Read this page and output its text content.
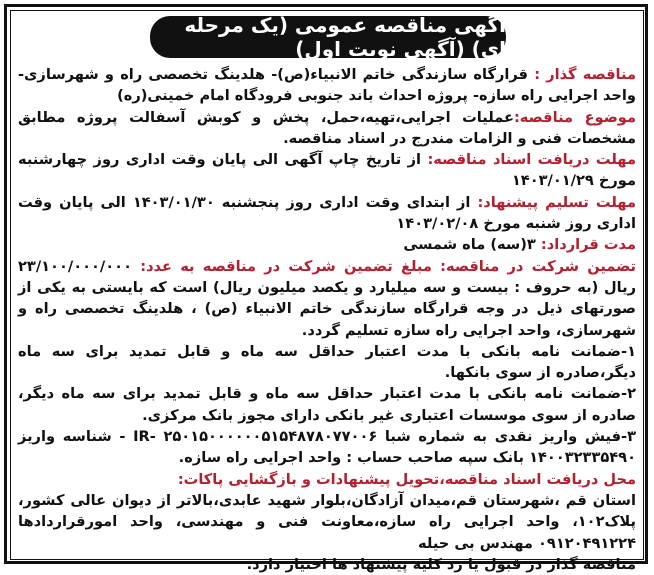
آگهی مناقصه عمومی (یک مرحله ای) (آگهی نوبت اول)

مناقصه گذار : قرارگاه سازندگی خاتم الانبیاء(ص)- هلدینگ تخصصی راه و شهرسازی-واحد اجرایی راه سازه- پروژه احداث باند جنوبی فرودگاه امام خمینی(ره)

موضوع مناقصه:عملیات اجرایی،تهیه،حمل، پخش و کوبش آسفالت پروژه مطابق مشخصات فنی و الزامات مندرج در اسناد مناقصه.

مهلت دریافت اسناد مناقصه: از تاریخ چاپ آگهی الی پایان وقت اداری روز چهارشنبه مورخ ۱۴۰۳/۰۱/۲۹

مهلت تسلیم پیشنهاد: از ابتدای وقت اداری روز پنجشنبه ۱۴۰۳/۰۱/۳۰ الی پایان وقت اداری روز شنبه مورخ ۱۴۰۳/۰۲/۰۸

مدت قرارداد: ۳(سه) ماه شمسی

تضمین شرکت در مناقصه: مبلغ تضمین شرکت در مناقصه به عدد: ۲۳/۱۰۰/۰۰۰/۰۰۰ ریال (به حروف : بیست و سه میلیارد و یکصد میلیون ریال) است که بایستی به یکی از صورتهای ذیل در وجه قرارگاه سازندگی خاتم الانبیاء (ص) ، هلدینگ تخصصی راه و شهرسازی، واحد اجرایی راه سازه تسلیم گردد.

۱-ضمانت نامه بانکی با مدت اعتبار حداقل سه ماه و قابل تمدید برای سه ماه دیگر،صادره از سوی بانکها.

۲-ضمانت نامه بانکی با مدت اعتبار حداقل سه ماه و قابل تمدید برای سه ماه دیگر، صادره از سوی موسسات اعتباری غیر بانکی دارای مجوز بانک مرکزی.

۳-فیش واریز نقدی به شماره شبا IR- ۲۵۰۱۵۰۰۰۰۰۰۵۱۵۴۸۷۸۰۷۷۰۰۶ - شناسه واریز ۱۴۰۰۳۲۳۳۵۴۹۰ بانک سپه صاحب حساب : واحد اجرایی راه سازه.

محل دریافت اسناد مناقصه،تحویل پیشنهادات و بازگشایی پاکات:

استان قم ،شهرستان قم،میدان آزادگان،بلوار شهید عابدی،بالاتر از دیوان عالی کشور، پلاک۱۰۲، واحد اجرایی راه سازه،معاونت فنی و مهندسی، واحد امورقراردادها ۰۹۱۲۰۴۹۱۲۲۴ مهندس بی حیله

مناقصه گذار در قبول یا رد کلیه پیشنهاد ها اختیار دارد.
